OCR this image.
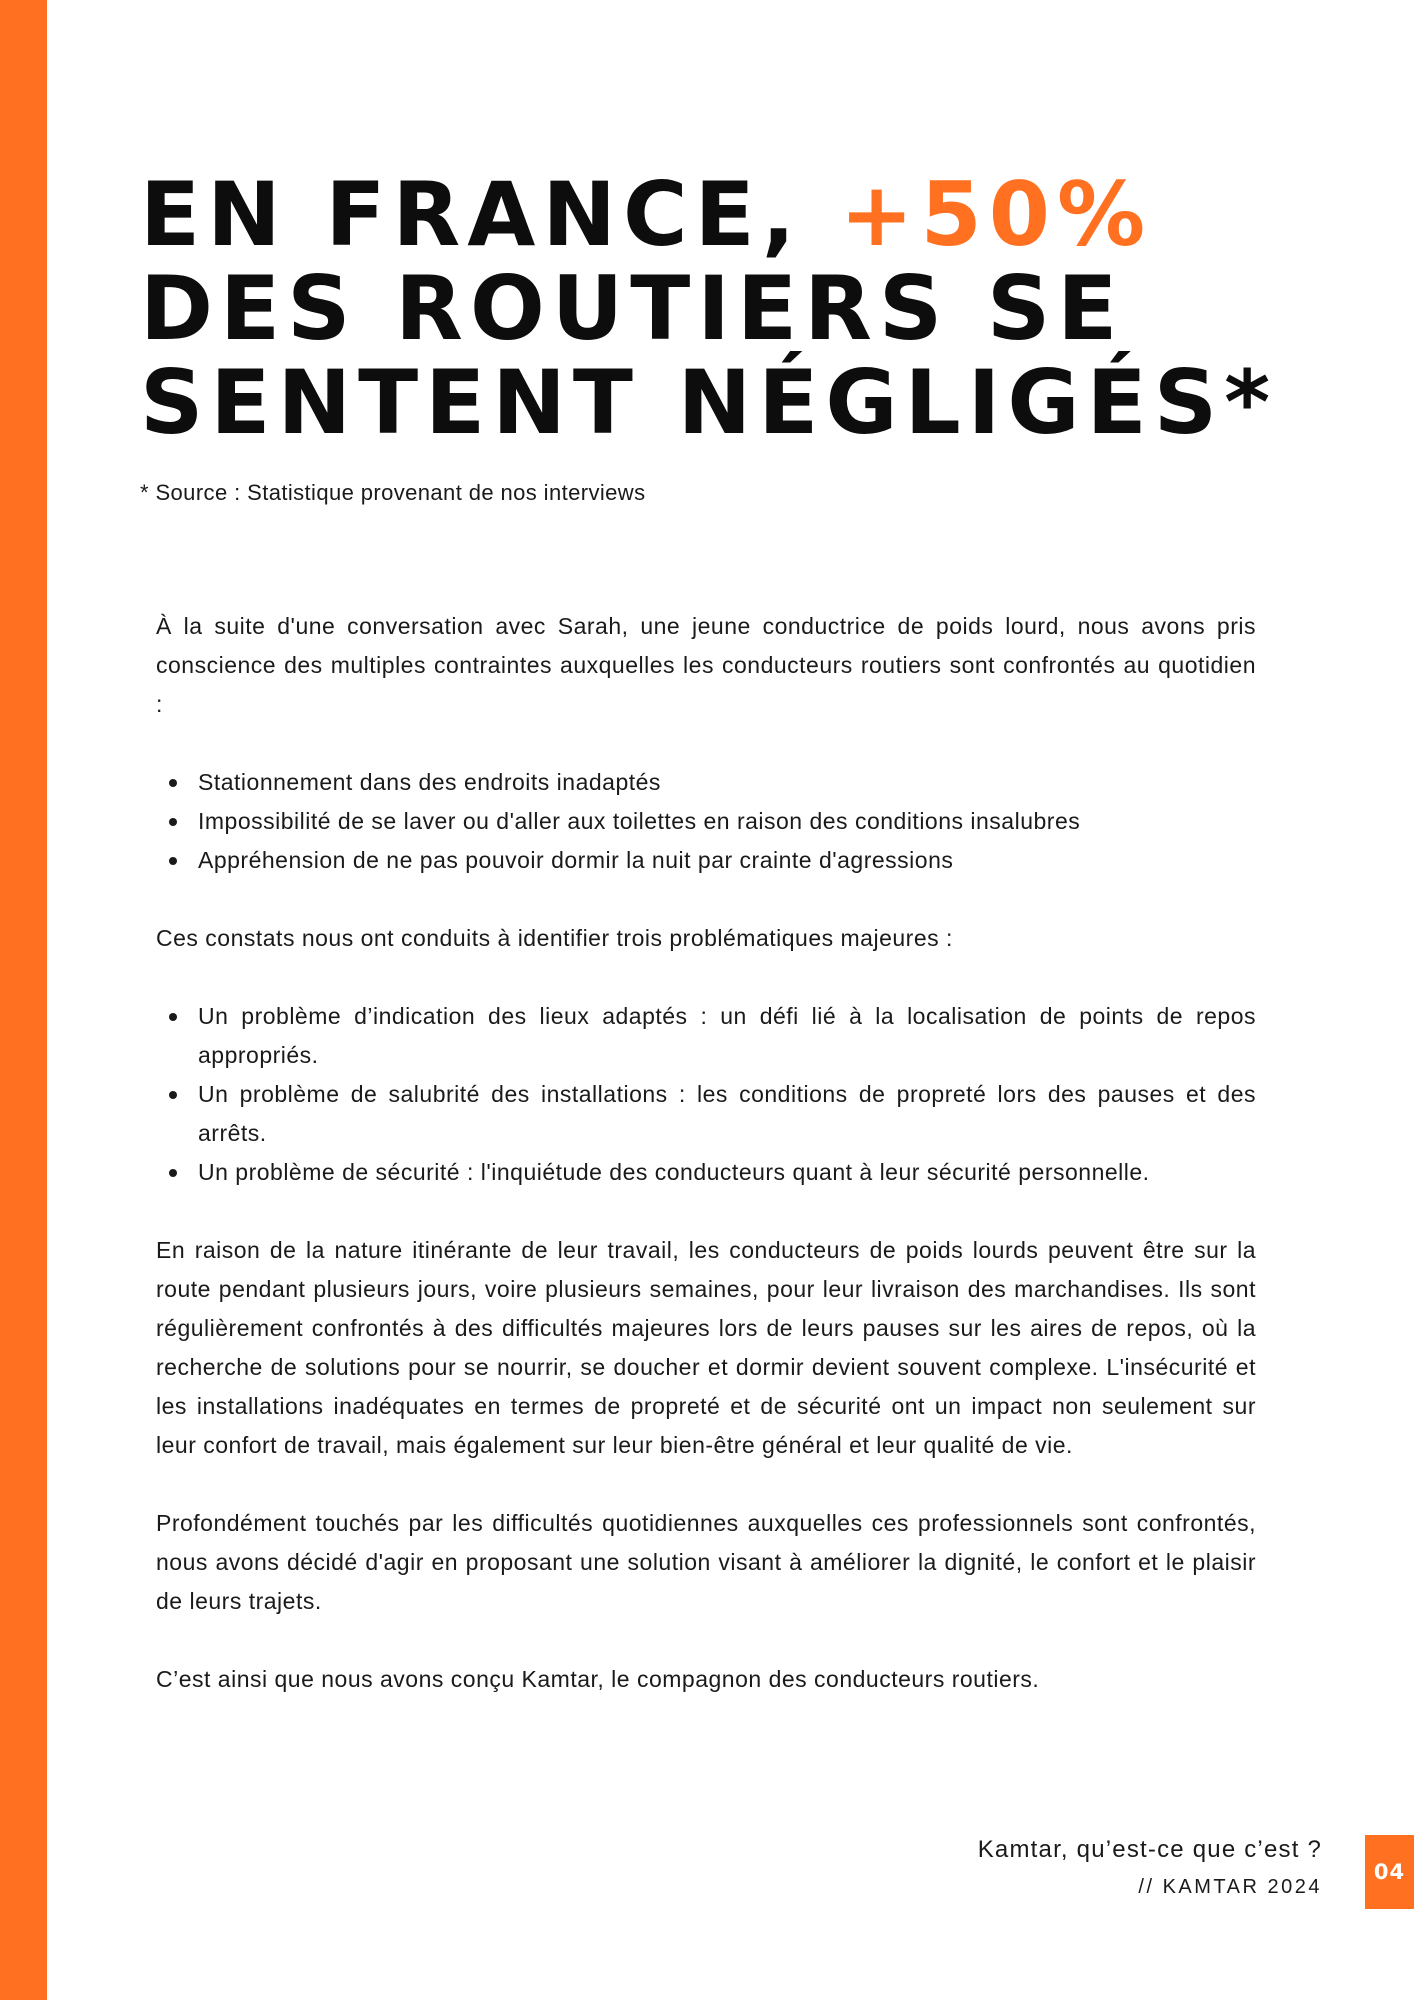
EN FRANCE, +50%
DES ROUTIERS SE
SENTENT NÉGLIGÉS*
* Source : Statistique provenant de nos interviews

À la suite d'une conversation avec Sarah, une jeune conductrice de poids lourd, nous avons pris conscience des multiples contraintes auxquelles les conducteurs routiers sont confrontés au quotidien :

Stationnement dans des endroits inadaptés
Impossibilité de se laver ou d'aller aux toilettes en raison des conditions insalubres
Appréhension de ne pas pouvoir dormir la nuit par crainte d'agressions

Ces constats nous ont conduits à identifier trois problématiques majeures :

Un problème d’indication des lieux adaptés : un défi lié à la localisation de points de repos appropriés.
Un problème de salubrité des installations : les conditions de propreté lors des pauses et des arrêts.
Un problème de sécurité : l'inquiétude des conducteurs quant à leur sécurité personnelle.

En raison de la nature itinérante de leur travail, les conducteurs de poids lourds peuvent être sur la route pendant plusieurs jours, voire plusieurs semaines, pour leur livraison des marchandises. Ils sont régulièrement confrontés à des difficultés majeures lors de leurs pauses sur les aires de repos, où la recherche de solutions pour se nourrir, se doucher et dormir devient souvent complexe. L'insécurité et les installations inadéquates en termes de propreté et de sécurité ont un impact non seulement sur leur confort de travail, mais également sur leur bien-être général et leur qualité de vie.

Profondément touchés par les difficultés quotidiennes auxquelles ces professionnels sont confrontés, nous avons décidé d'agir en proposant une solution visant à améliorer la dignité, le confort et le plaisir de leurs trajets.

C’est ainsi que nous avons conçu Kamtar, le compagnon des conducteurs routiers.

Kamtar, qu’est-ce que c’est ?
// KAMTAR 2024
04
